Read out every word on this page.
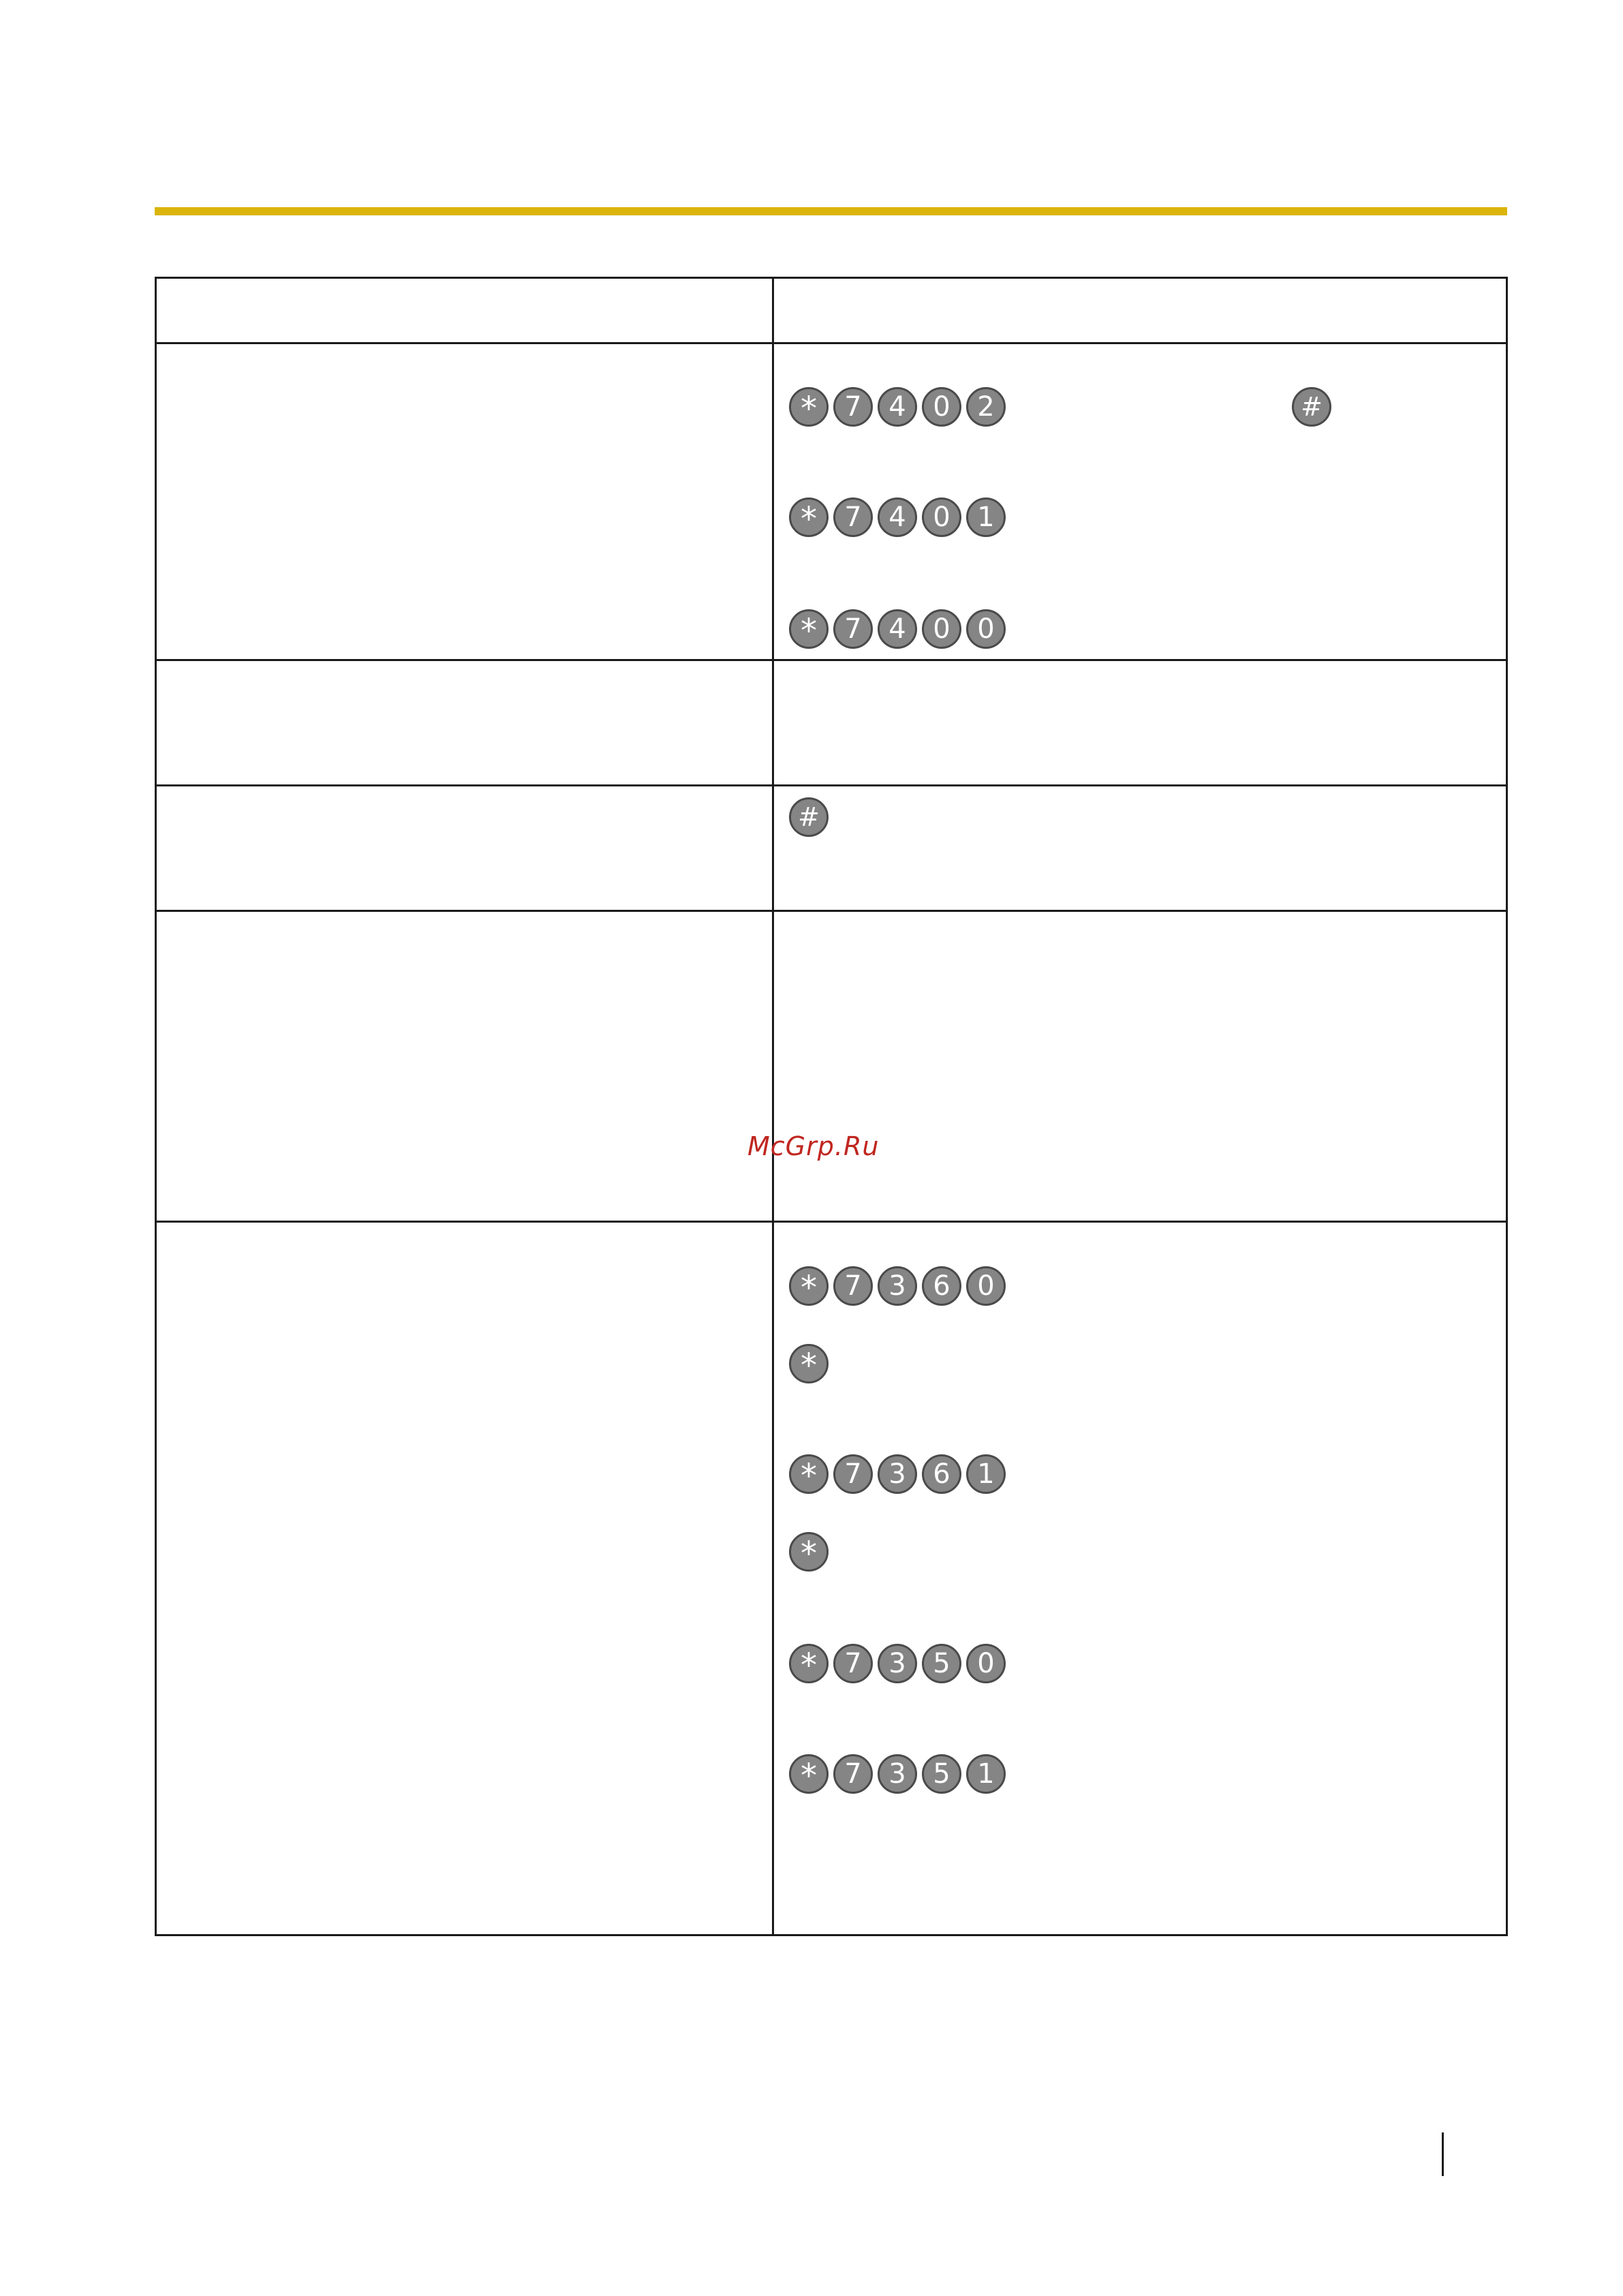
*	7 4 0 2	#
*	7 4 0 1
*	7 4 0 0
#
McGrp.Ru
*	7 3 6 0
*
*	7 3 6 1
*
*	7 3 5 0
*	7 3 5 1
